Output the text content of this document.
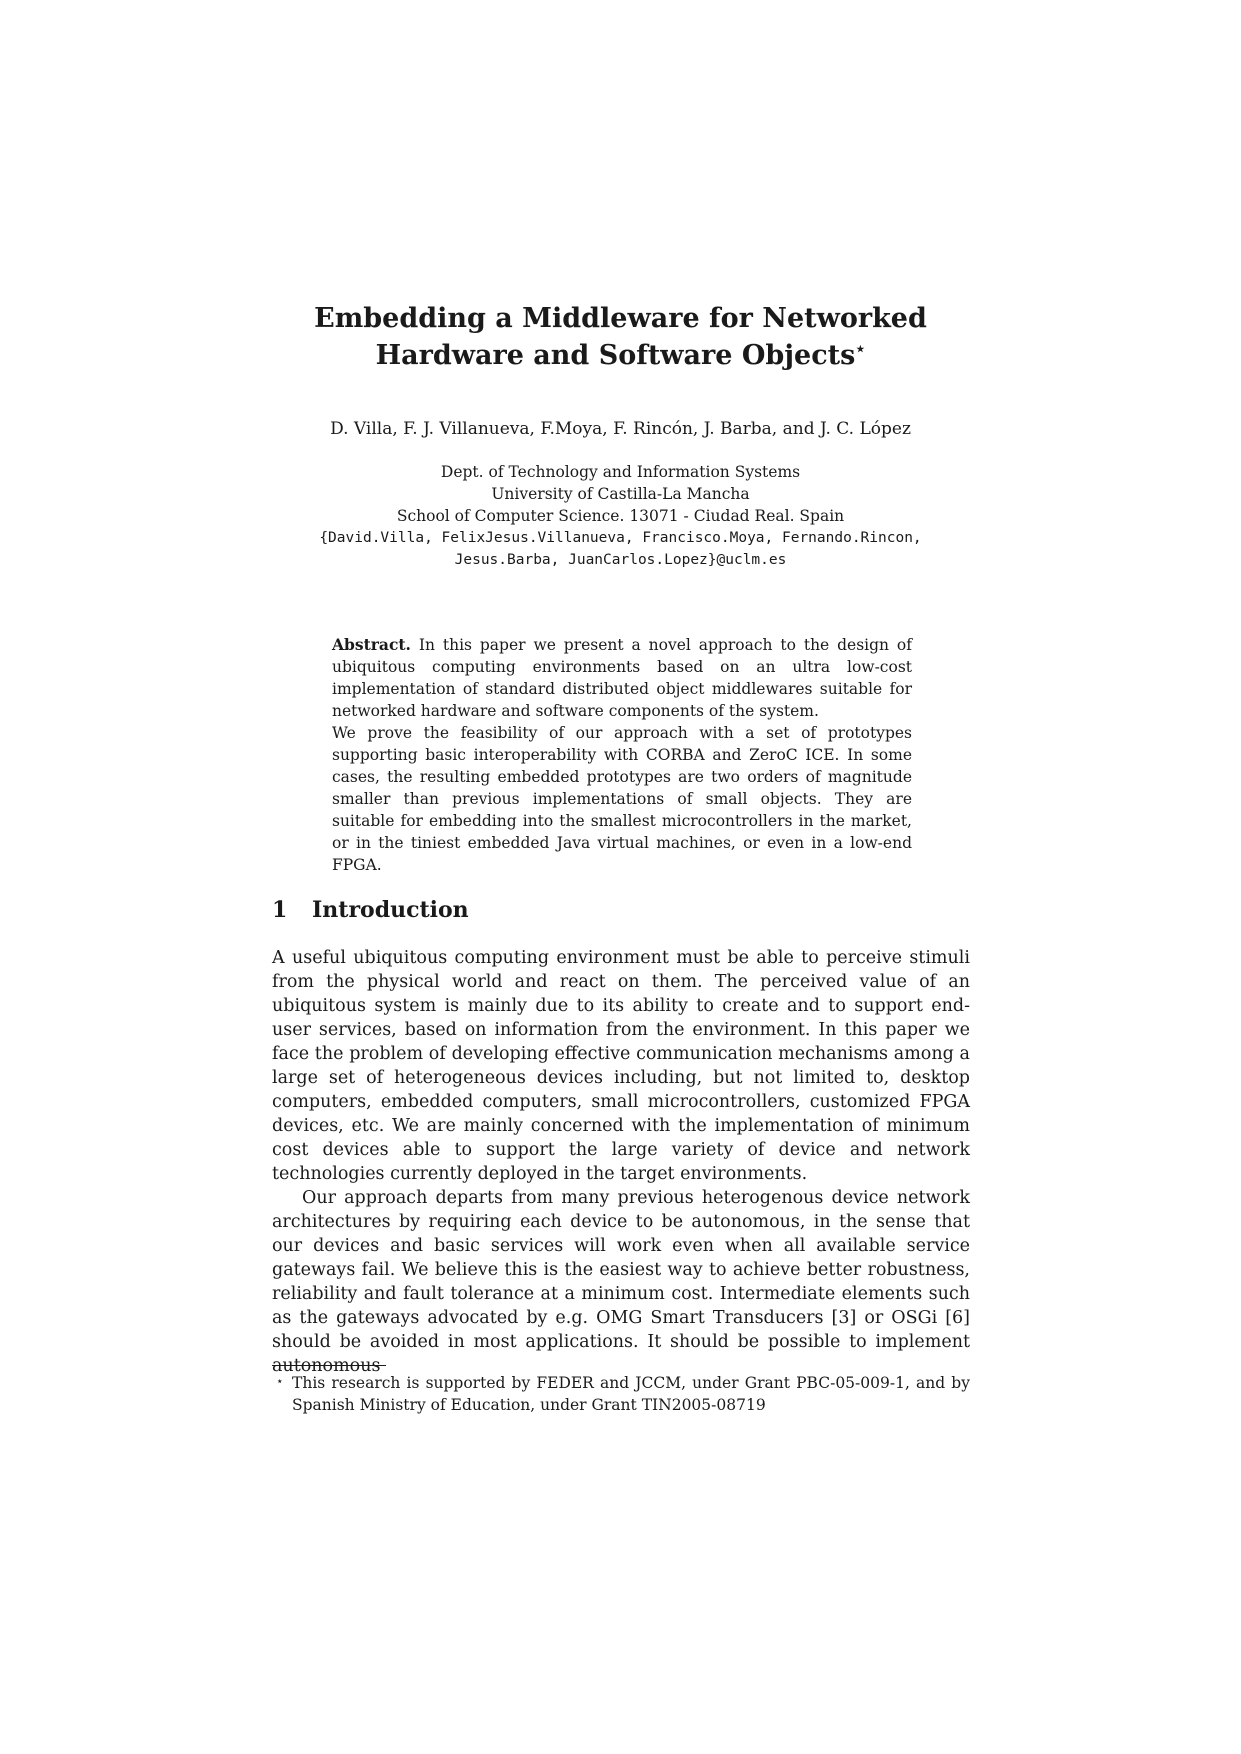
Embedding a Middleware for Networked
Hardware and Software Objects⋆
D. Villa, F. J. Villanueva, F.Moya, F. Rincón, J. Barba, and J. C. López
Dept. of Technology and Information Systems
University of Castilla-La Mancha
School of Computer Science. 13071 - Ciudad Real. Spain
{David.Villa, FelixJesus.Villanueva, Francisco.Moya, Fernando.Rincon,
Jesus.Barba, JuanCarlos.Lopez}@uclm.es

Abstract. In this paper we present a novel approach to the design of ubiquitous computing environments based on an ultra low-cost implementation of standard distributed object middlewares suitable for networked hardware and software components of the system.

We prove the feasibility of our approach with a set of prototypes supporting basic interoperability with CORBA and ZeroC ICE. In some cases, the resulting embedded prototypes are two orders of magnitude smaller than previous implementations of small objects. They are suitable for embedding into the smallest microcontrollers in the market, or in the tiniest embedded Java virtual machines, or even in a low-end FPGA.

1 Introduction

A useful ubiquitous computing environment must be able to perceive stimuli from the physical world and react on them. The perceived value of an ubiquitous system is mainly due to its ability to create and to support end-user services, based on information from the environment. In this paper we face the problem of developing effective communication mechanisms among a large set of heterogeneous devices including, but not limited to, desktop computers, embedded computers, small microcontrollers, customized FPGA devices, etc. We are mainly concerned with the implementation of minimum cost devices able to support the large variety of device and network technologies currently deployed in the target environments.

Our approach departs from many previous heterogenous device network architectures by requiring each device to be autonomous, in the sense that our devices and basic services will work even when all available service gateways fail. We believe this is the easiest way to achieve better robustness, reliability and fault tolerance at a minimum cost. Intermediate elements such as the gateways advocated by e.g. OMG Smart Transducers [3] or OSGi [6] should be avoided in most applications. It should be possible to implement autonomous

⋆ This research is supported by FEDER and JCCM, under Grant PBC-05-009-1, and by Spanish Ministry of Education, under Grant TIN2005-08719
